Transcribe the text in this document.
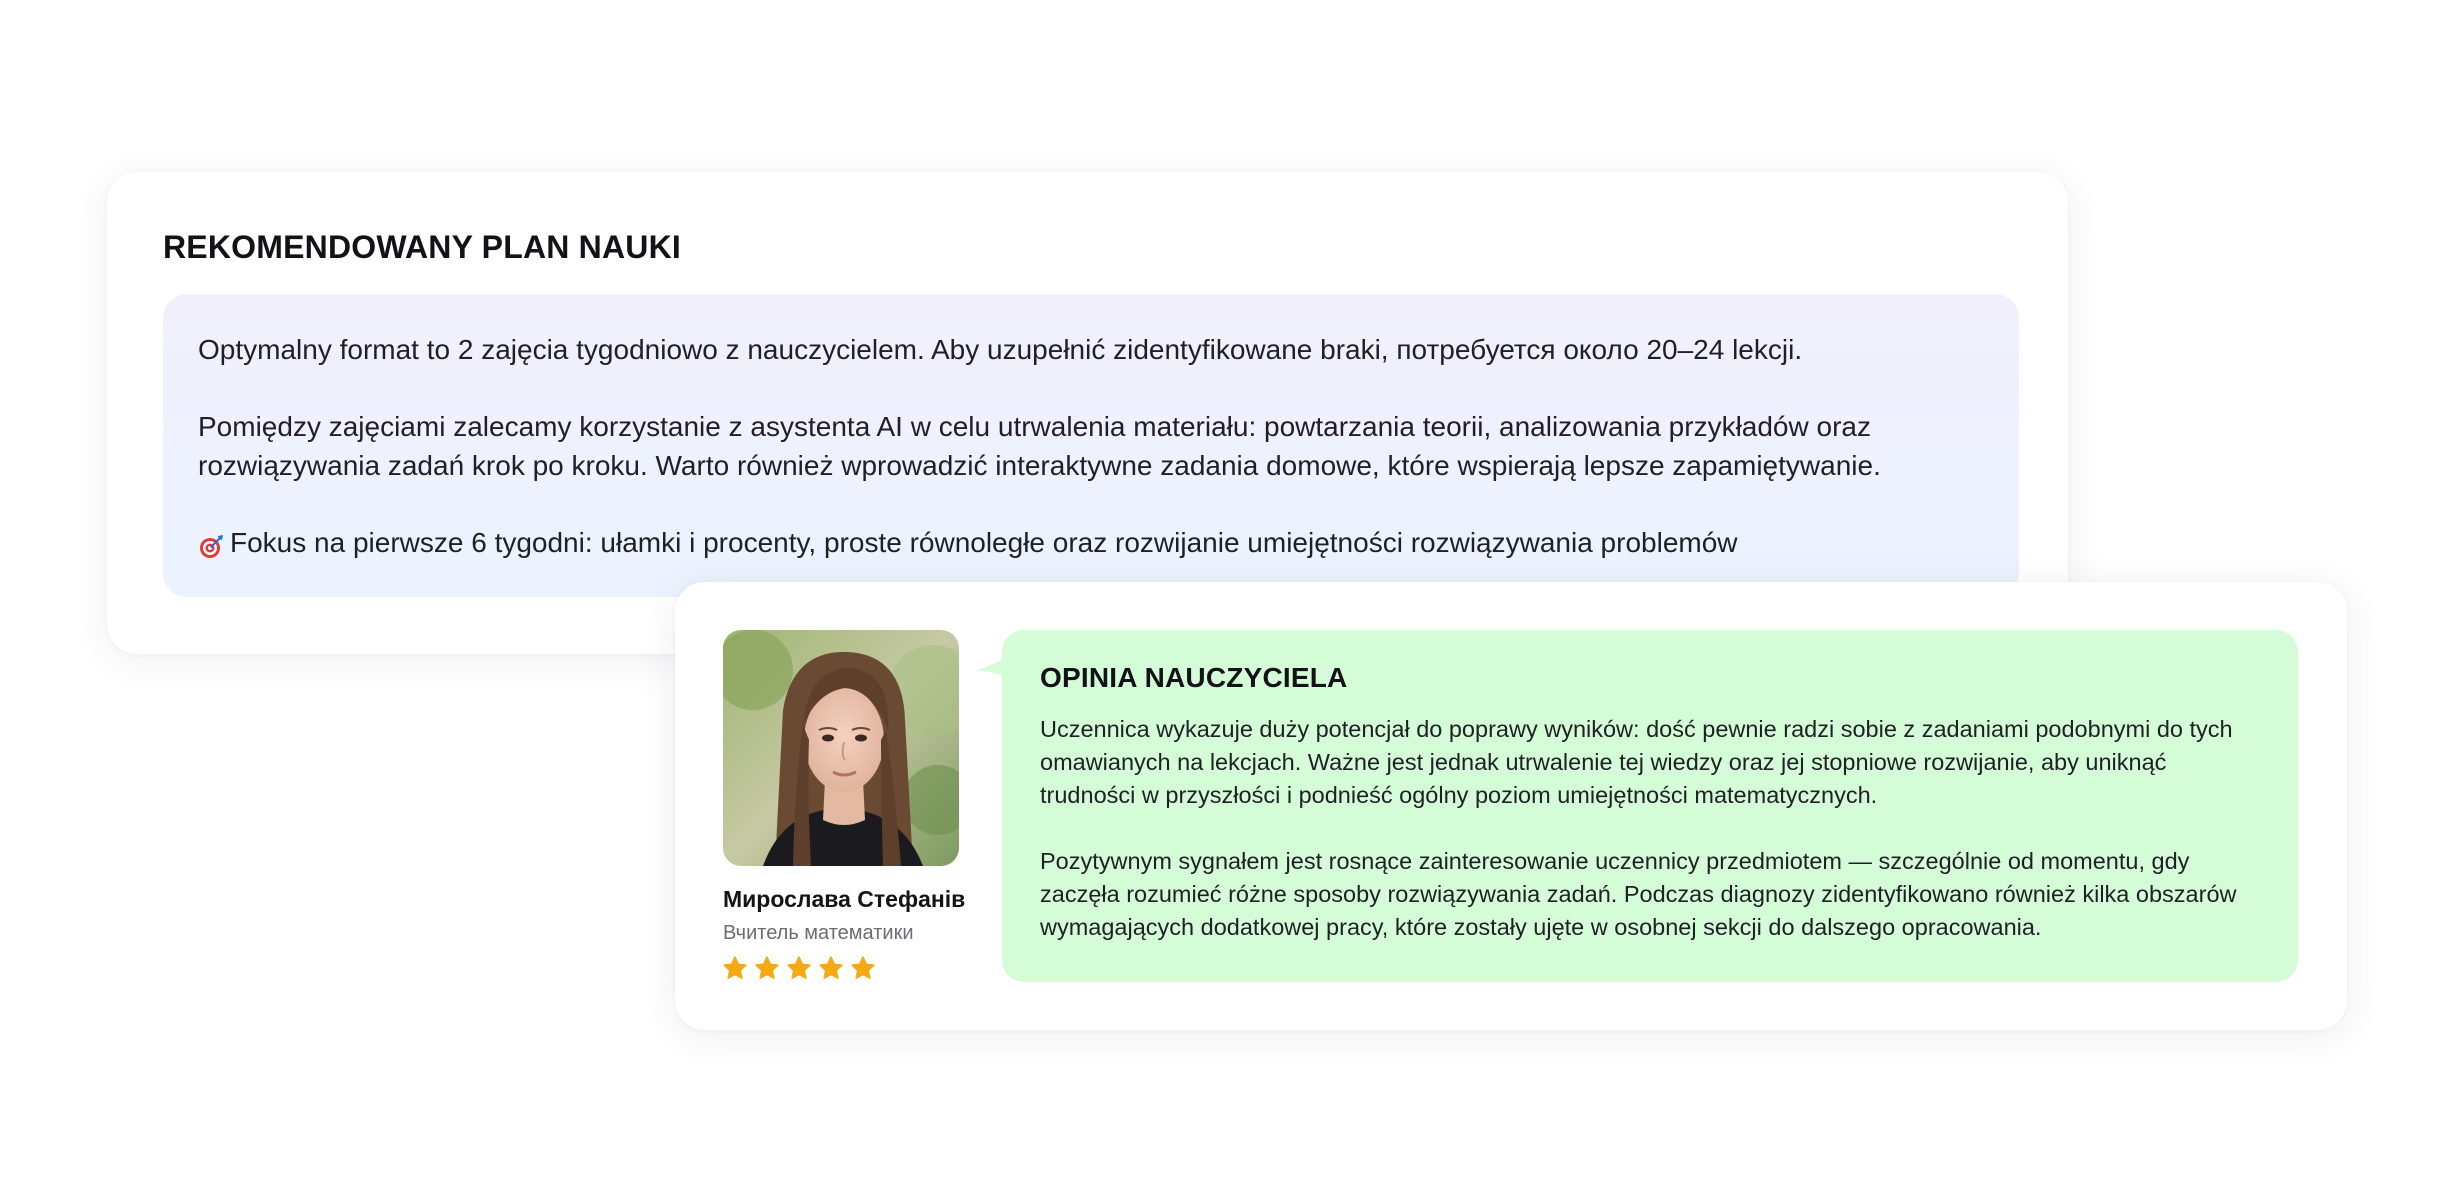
REKOMENDOWANY PLAN NAUKI

Optymalny format to 2 zajęcia tygodniowo z nauczycielem. Aby uzupełnić zidentyfikowane braki, потребуется около 20–24 lekcji.

Pomiędzy zajęciami zalecamy korzystanie z asystenta AI w celu utrwalenia materiału: powtarzania teorii, analizowania przykładów oraz rozwiązywania zadań krok po kroku. Warto również wprowadzić interaktywne zadania domowe, które wspierają lepsze zapamiętywanie.

Fokus na pierwsze 6 tygodni: ułamki i procenty, proste równoległe oraz rozwijanie umiejętności rozwiązywania problemów

Мирослава Стефанів
Вчитель математики
OPINIA NAUCZYCIELA

Uczennica wykazuje duży potencjał do poprawy wyników: dość pewnie radzi sobie z zadaniami podobnymi do tych omawianych na lekcjach. Ważne jest jednak utrwalenie tej wiedzy oraz jej stopniowe rozwijanie, aby uniknąć trudności w przyszłości i podnieść ogólny poziom umiejętności matematycznych.

Pozytywnym sygnałem jest rosnące zainteresowanie uczennicy przedmiotem — szczególnie od momentu, gdy zaczęła rozumieć różne sposoby rozwiązywania zadań. Podczas diagnozy zidentyfikowano również kilka obszarów wymagających dodatkowej pracy, które zostały ujęte w osobnej sekcji do dalszego opracowania.
